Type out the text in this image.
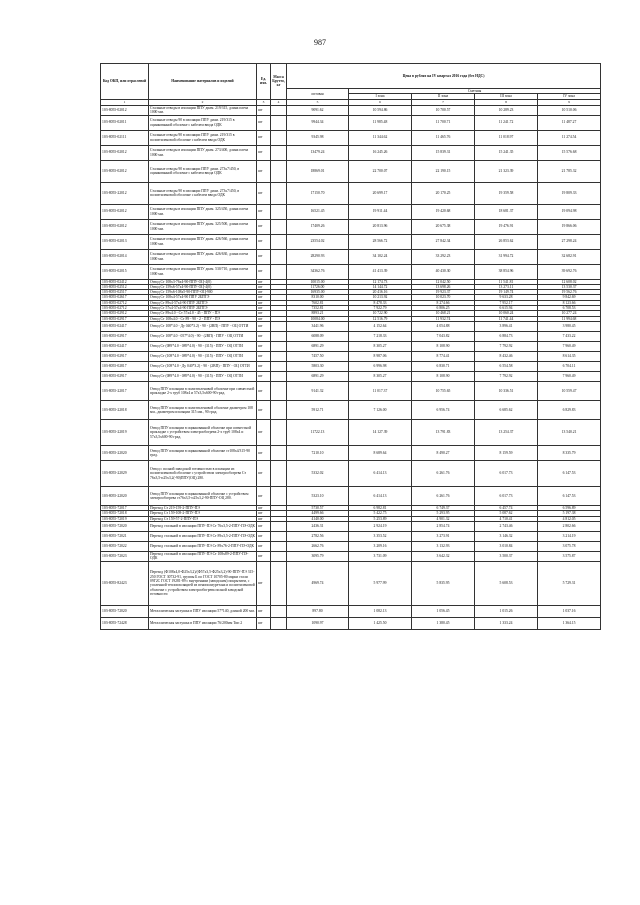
987
Код ОКП, или отраслевой	Наименование материалов и изделий	Ед. изм.	Масса Брутто, кг	Цена в рублях на IV квартал 2016 года (без НДС)				
				оптовая	Сметная			
					I зона	II зона	III зона	IV зона
1	2	3	4	5	6	7	8	9
103-8055-02012	Стальные отводы в изоляции ППУ диам. 219/315, длина плеча 1000 мм.	шт		9091.62	10 594.86	10 700.57	10 289.23	10 510.06
103-8055-02011	Стальные отводы 90 в изоляции ППУ диам. 219/315 в оцинкованной оболочке с кабелем ввода ОДК	шт		9944.34	11 985.48	11 700.71	11 241.72	11 487.27
103-8055-02111	Стальные отводы 90 в изоляции ППУ диам. 219/315 в полиэтиленовой оболочке с кабелем ввода ОДК	шт		9345.98	11 344.62	11 465.76	11 018.97	11 274.54
103-8055-02012	Стальные отводы в изоляции ППУ диам. 273/400, длина плеча 1000 мм.	шт		13479.24	16 245.26	15 839.31	15 241.35	15 576.68
103-8055-02012	Стальные отводы 90 в изоляции ППУ диам. 273х7/450, в оцинкованной оболочке с кабелем ввода ОДК	шт		18869.01	22 700.07	22 190.15	21 323.39	21 785.32
103-8055-22012	Стальные отводы 90 в изоляции ППУ диам. 273х7/450, в полиэтиленовой оболочке с кабелем ввода ОДК	шт		17150.70	20 699.17	20 170.25	19 359.58	19 809.33
103-8055-02012	Стальные отводы в изоляции ППУ диам. 325/450, длина плеча 1000 мм.	шт		16521.45	19 911.44	19 420.68	18 681.37	19 094.98
103-8055-02012	Стальные отводы в изоляции ППУ диам. 325/500, длина плеча 1000 мм.	шт		17409.26	20 813.96	20 675.38	19 476.91	19 866.06
103-8055-02013	Стальные отводы в изоляции ППУ диам. 426/560, длина плеча 1000 мм.	шт		23554.02	28 566.72	27 842.34	26 853.62	27 298.24
103-8055-02014	Стальные отводы в изоляции ППУ диам. 426/630, длина плеча 1000 мм.	шт		28290.93	34 102.24	33 292.23	31 994.72	32 682.91
103-8055-02015	Стальные отводы в изоляции ППУ диам. 530/710, длина плеча 1000 мм.	шт		34362.76	41 413.39	40 430.30	38 854.96	39 692.76
103-8055-02412	Отвод Ст 108х3-76х4-90-ППУ-ОЦ-4(0)	шт		10015.00	12 174.73	12 042.50	11 541.81	12 608.02
103-8055-02512	Отвод Ст 159х6-57х4-90-ППУ-ОЦ-4(0)	шт		11726.00	14 144.72	13 698.26	13 273.11	13 530.37
103-8055-02517	Отвод Ст 159х6-108х5-90-ППУ-ОЦ-900	шт		16935.00	20 416.16	19 923.37	19 149.74	19 562.76
103-8055-02617	Отвод Ст 108х4-57х4-90 ППУ 2БПТЭ	шт		8310.00	10 213.92	10 023.70	9 633.28	9 842.69
103-8055-02712	Отвод Ст 89х4-57х4-90 ППУ 2БПТЭ	шт		7602.81	8 478.33	8 274.66	7 952.17	8 123.66
103-8055-02712	Отвод Ст 57х4-57х4-90 ППУ 2БПТЭ	шт		7352.81	7 922.79	6 806.25	6 615.94	6 708.53
103-8055-02912	Отвод Ст 89х4.0 - Ст 57х4.0 - 45 - ППУ - ПЭ	шт		8893.21	10 722.90	10 468.21	10 060.24	10 277.24
103-8055-02917	Отвод Ст 108х4.0 - Ст 89 - 90 - 2 - ППУ - ПЭ	шт		10084.00	12 516.79	11 932.74	11 741.44	11 994.68
103-8055-02417	Отвод Ст 108*4.0 - Ду 040*3.2) - 90 - (2ВП) - ППУ - ОЦ ОТТИ	шт		3441.96	4 152.64	4 054.88	3 896.41	3 980.45
103-8055-02917	Отвод Ст 108*4.0 - 057*4.0) - 90 - (2ВП) - ППУ - ОЦ ОТТИ	шт		6088.09	7 218.33	7 043.82	6 884.73	7 433.22
103-8055-02417	Отвод Ст (089*4.0 - 089*4.0) - 90 - (315) - ППУ - ОЦ ОТТИ	шт		6891.29	8 305.27	8 108.90	7 792.92	7 960.49
103-8055-02917	Отвод Ст (108*4.0 - 089*4.0) - 90 - (315) - ППУ - ОЦ ОТТИ	шт		7457.50	8 987.06	8 774.41	8 432.46	8 614.35
103-8055-02817	Отвод Ст (108*4.0 - Ду 040*3.2) - 90 - (2ВП) - ППУ - ОЦ ОТТИ	шт		5803.30	6 996.98	6 830.71	6 554.58	6 704.11
103-8055-02917	Отвод Ст (089*4.0 - 089*4.0) - 90 - (315) - ППУ - ОЦ ОТТИ	шт		6891.29	8 305.27	8 108.90	7 792.92	7 960.49
103-8055-22017	Отвод ППУ изоляции в полиэтиленовой оболочке при совместной прокладке 2-х труб 108х4 и 57х3,5х600-90 град.	шт		9141.32	11 017.37	10 755.65	10 336.51	10 559.47
103-8055-22018	Отвод ППУ изоляции в полиэтиленовой оболочке диаметром 108 мм., диаметром изоляции 315 мм., 90 град.	шт		5912.71	7 126.00	6 956.74	6 685.62	6 829.83
103-8055-22019	Отвод ППУ изоляции в оцинкованной оболочке при совместной прокладке с устройством электрообогрева 2-х труб 108х4 и 57х3,5х600-90 град.	шт		11722.13	14 127.39	13 791.83	13 254.37	13 540.21
103-8055-22020	Отвод ППУ изоляции в оцинкованной оболочке ст108х4/315-90 град.	шт		7210.10	8 689.64	8 490.27	8 159.59	8 335.79
103-8055-22029	Отвод с полной заводской готовностью в изоляции из полиэтиленовой оболочке с устройством электрообогрева Ст 76х3,5-п25х3,2(-90)ППУ(ОЦ) 280.	шт		5332.02	6 414.13	6 261.76	6 017.73	6 147.53
103-8055-22020	Отвод ППУ изоляции в оцинкованной оболочке с устройством электрообогрева ст76х3,5-п25х3,2-90-ППУ-ОЦ 280.	шт		5323.10	6 414.13	6 261.76	6 017.73	6 147.53
103-8055-72017	Переход Ст 219-159-2-ППУ-ПЭ	шт		5730.57	6 982.81	6 749.37	6 457.74	6 596.89
103-8055-72018	Переход Ст 159-108-2-ППУ-ПЭ	шт		4499.66	5 422.75	5 293.95	5 087.62	5 197.38
103-8055-72019	Переход Ст 159-57-2-ППУ-ПЭ	шт		4140.00	5 253.89	4 901.32	4 710.41	4 812.05
103-8055-72020	Переход стальной в изоляции ППУ-ПЭ Ст 76х3,5-2-ППУ-ПЭ-ОДК	шт		2436.31	2 924.19	2 854.74	2 743.46	2 802.66
103-8055-72021	Переход стальной в изоляции ППУ-ПЭ Ст 89х3,5-2-ППУ-ПЭ-ОДК	шт		2782.56	3 353.52	3 273.91	3 146.32	3 214.19
103-8055-72022	Переход стальной в изоляции ППУ-ПЭ Ст 89х76-2-ППУ-ПЭ-ОДК	шт		2662.76	3 209.16	3 132.93	3 010.84	3 075.78
103-8055-72023	Переход стальной в изоляции ППУ-ПЭ Ст 108х89-2-ППУ-ПЭ-ОДК	шт		3095.79	3 731.09	3 642.32	3 500.37	3 575.87
103-8055-82423	Переход (Ф108х4,0-Ф25х3,2)/(Ф57х3,5-Ф25х3,2)-90-ППУ-ПЭ 315-250 ГОСТ 30732-91, группы Б по ГОСТ 10705-80 марки стали 09Г2С ГОСТ 19281-89 с внутренним (заводским) покрытием, с усиленной теплоизоляцией из пенополиуретана и полиэтиленовой оболочке с устройством электрообогрева полной заводской готовности	шт		4969.74	5 977.99	5 835.95	5 608.53	5 729.31
103-8055-72020	Металлическая заглушка в ППУ изоляции 57*140, длиной 200 мм.	шт		897.80	1 082.13	1 056.45	1 015.26	1 037.16
103-8055-72428	Металлическая заглушка в ППУ изоляции 76/200мм Тип 2	шт		1090.97	1 425.50	1 380.45	1 333.24	1 364.15
